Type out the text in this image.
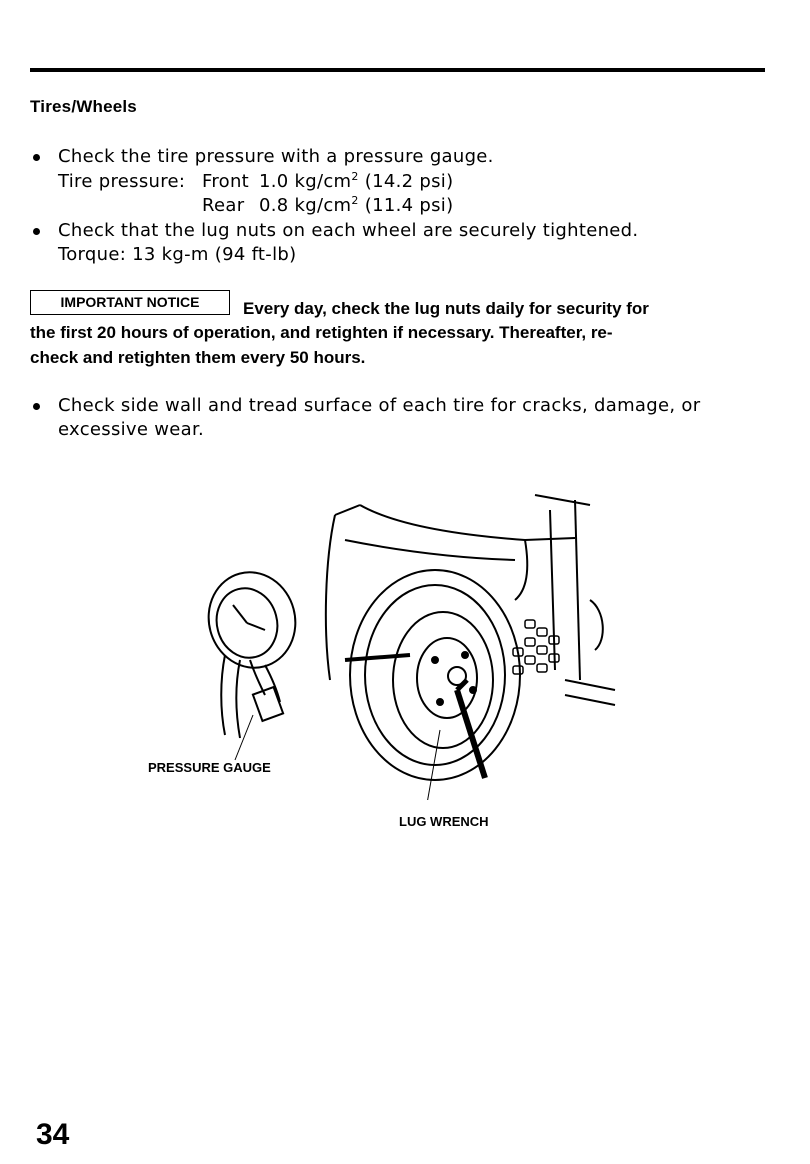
Tires/Wheels
Check the tire pressure with a pressure gauge.
Tire pressure: Front 1.0 $kg/cm^2$ (14.2 psi)
Rear 0.8 $kg/cm^2$ (11.4 psi)
Check that the lug nuts on each wheel are securely tightened.
Torque: 13 kg-m (94 ft-lb)
IMPORTANT NOTICE	Every day, check the lug nuts daily for security for
the first 20 hours of operation, and retighten if necessary. Thereafter, re-
check and retighten them every 50 hours.
Check side wall and tread surface of each tire for cracks, damage, or
excessive wear.
PRESSURE GAUGE
LUG WRENCH
34
